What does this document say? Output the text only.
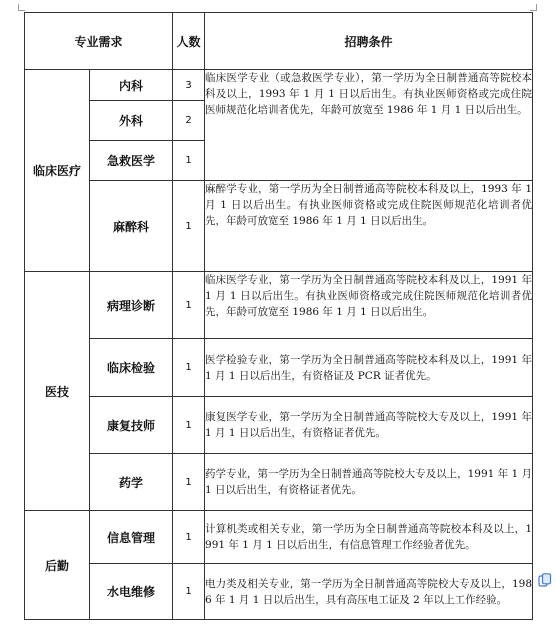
专业需求		人数	招聘条件
临床医疗	内科	3	临床医学专业（或急救医学专业），第一学历为全日制普通高等院校本科及以上，1993 年 1 月 1 日以后出生。有执业医师资格或完成住院医师规范化培训者优先，年龄可放宽至 1986 年 1 月 1 日以后出生。
	外科	2	
	急救医学	1	
	麻醉科	1	麻醉学专业，第一学历为全日制普通高等院校本科及以上，1993 年 1 月 1 日以后出生。有执业医师资格或完成住院医师规范化培训者优先，年龄可放宽至 1986 年 1 月 1 日以后出生。
医技	病理诊断	1	临床医学专业，第一学历为全日制普通高等院校本科及以上，1991 年 1 月 1 日以后出生。有执业医师资格或完成住院医师规范化培训者优先，年龄可放宽至 1986 年 1 月 1 日以后出生。
	临床检验	1	医学检验专业，第一学历为全日制普通高等院校本科及以上，1991 年 1 月 1 日以后出生，有资格证及 PCR 证者优先。
	康复技师	1	康复医学专业，第一学历为全日制普通高等院校大专及以上，1991 年 1 月 1 日以后出生，有资格证者优先。
	药学	1	药学专业，第一学历为全日制普通高等院校大专及以上，1991 年 1 月 1 日以后出生，有资格证者优先。
后勤	信息管理	1	计算机类或相关专业，第一学历为全日制普通高等院校本科及以上，1991 年 1 月 1 日以后出生，有信息管理工作经验者优先。
	水电维修	1	电力类及相关专业，第一学历为全日制普通高等院校大专及以上，1986 年 1 月 1 日以后出生，具有高压电工证及 2 年以上工作经验。
